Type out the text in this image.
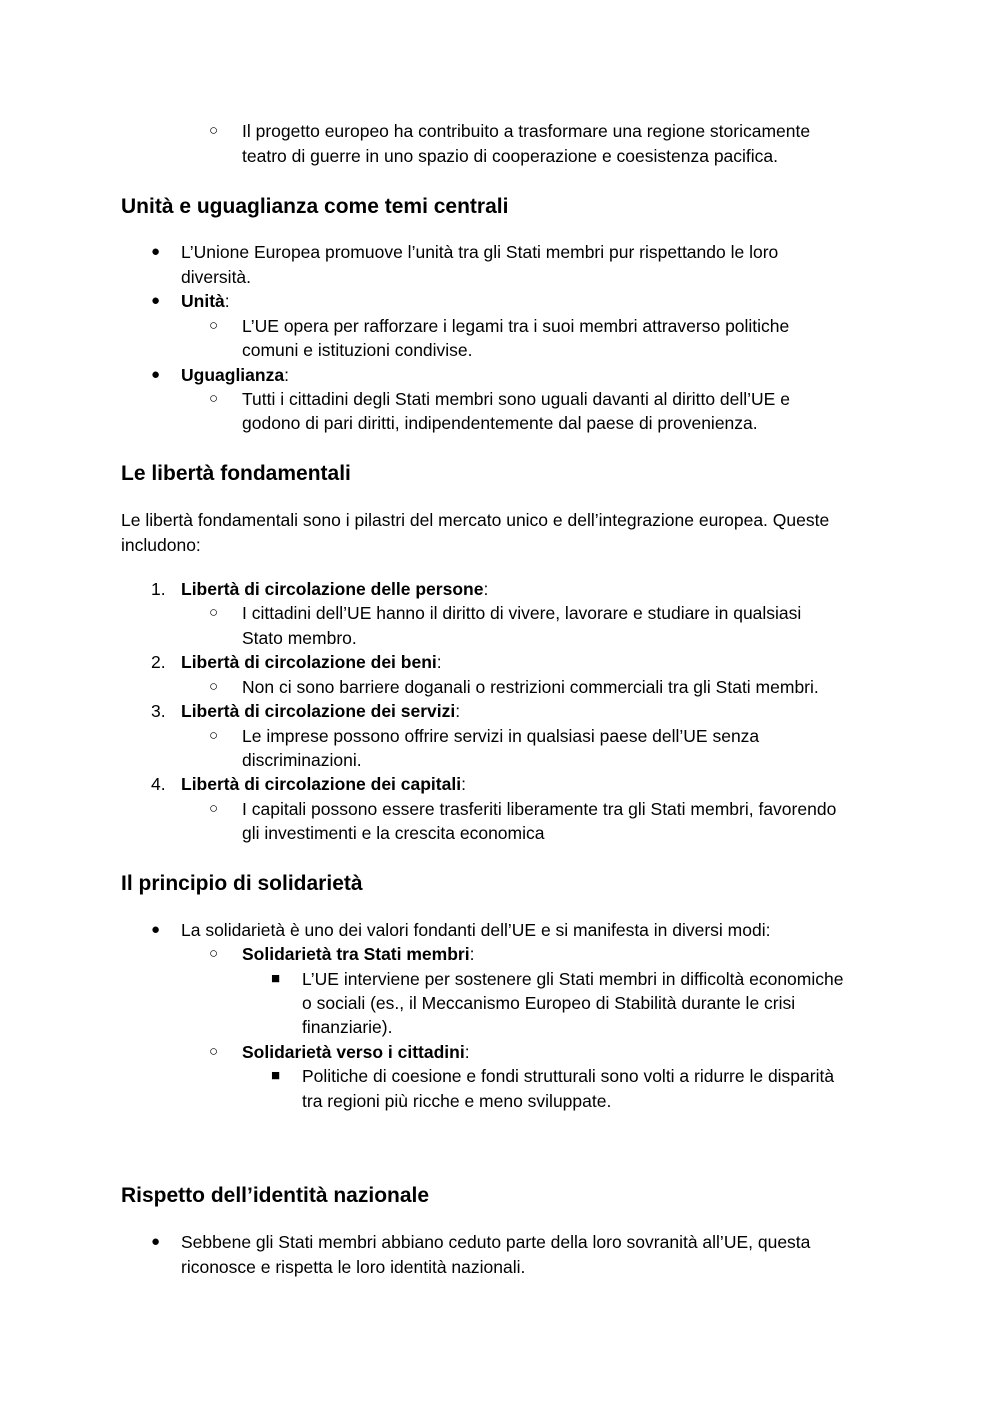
○ Il progetto europeo ha contribuito a trasformare una regione storicamente
teatro di guerre in uno spazio di cooperazione e coesistenza pacifica.
Unità e uguaglianza come temi centrali
● L’Unione Europea promuove l’unità tra gli Stati membri pur rispettando le loro
diversità.
● Unità:
○ L’UE opera per rafforzare i legami tra i suoi membri attraverso politiche
comuni e istituzioni condivise.
● Uguaglianza:
○ Tutti i cittadini degli Stati membri sono uguali davanti al diritto dell’UE e
godono di pari diritti, indipendentemente dal paese di provenienza.
Le libertà fondamentali
Le libertà fondamentali sono i pilastri del mercato unico e dell’integrazione europea. Queste
includono:
1. Libertà di circolazione delle persone:
○ I cittadini dell’UE hanno il diritto di vivere, lavorare e studiare in qualsiasi
Stato membro.
2. Libertà di circolazione dei beni:
○ Non ci sono barriere doganali o restrizioni commerciali tra gli Stati membri.
3. Libertà di circolazione dei servizi:
○ Le imprese possono offrire servizi in qualsiasi paese dell’UE senza
discriminazioni.
4. Libertà di circolazione dei capitali:
○ I capitali possono essere trasferiti liberamente tra gli Stati membri, favorendo
gli investimenti e la crescita economica
Il principio di solidarietà
● La solidarietà è uno dei valori fondanti dell’UE e si manifesta in diversi modi:
○ Solidarietà tra Stati membri:
■ L’UE interviene per sostenere gli Stati membri in difficoltà economiche
o sociali (es., il Meccanismo Europeo di Stabilità durante le crisi
finanziarie).
○ Solidarietà verso i cittadini:
■ Politiche di coesione e fondi strutturali sono volti a ridurre le disparità
tra regioni più ricche e meno sviluppate.
Rispetto dell’identità nazionale
● Sebbene gli Stati membri abbiano ceduto parte della loro sovranità all’UE, questa
riconosce e rispetta le loro identità nazionali.
